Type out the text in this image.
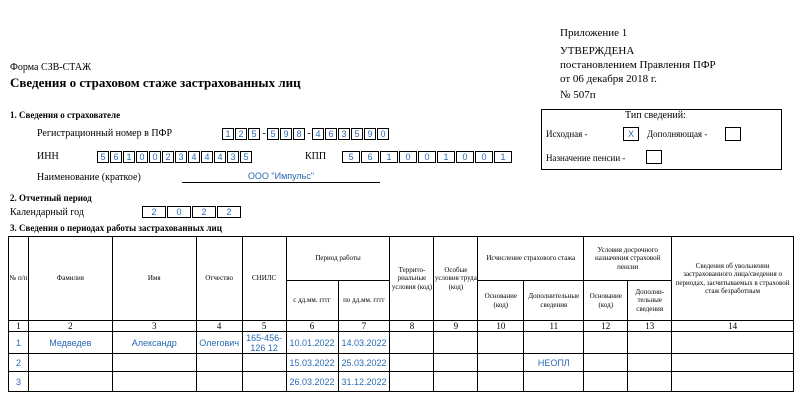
Приложение 1
УТВЕРЖДЕНА
постановлением Правления ПФР
от 06 декабря 2018 г.
№ 507п
Форма СЗВ-СТАЖ
Сведения о страховом стаже застрахованных лиц
1. Сведения о страхователе
Регистрационный номер в ПФР	1 2 5 - 5 9 8 - 4 6 3 5 9 0
ИНН	5 6 1 0 0 2 3 4 4 4 3 5	КПП	5	6	1	0	0	1	0	0	1
Наименование (краткое)	ООО "Импульс"
Тип сведений:
Исходная -	X	Дополняющая -
Назначение пенсии -
2. Отчетный период
Календарный год	2	0	2	2
3. Сведения о периодах работы застрахованных лиц
№ п/п	Фамилия	Имя	Отчество	СНИЛС	Период работы		Террито-риальные условия (код)	Особые условия труда (код)	Исчисление страхового стажа		Условия досрочного назначения страховой пенсии		Сведения об увольнении застрахованного лица/сведения о периодах, засчитываемых в страховой стаж безработным
					с дд.мм. гггг	по дд.мм. гггг			Основание (код)	Дополнительные сведения	Основание (код)	Дополни-тельные сведения	
1	2	3	4	5	6	7	8	9	10	11	12	13	14
1	Медведев	Александр	Олегович	165-456-126 12	10.01.2022	14.03.2022							
2					15.03.2022	25.03.2022				НЕОПЛ			
3					26.03.2022	31.12.2022							
